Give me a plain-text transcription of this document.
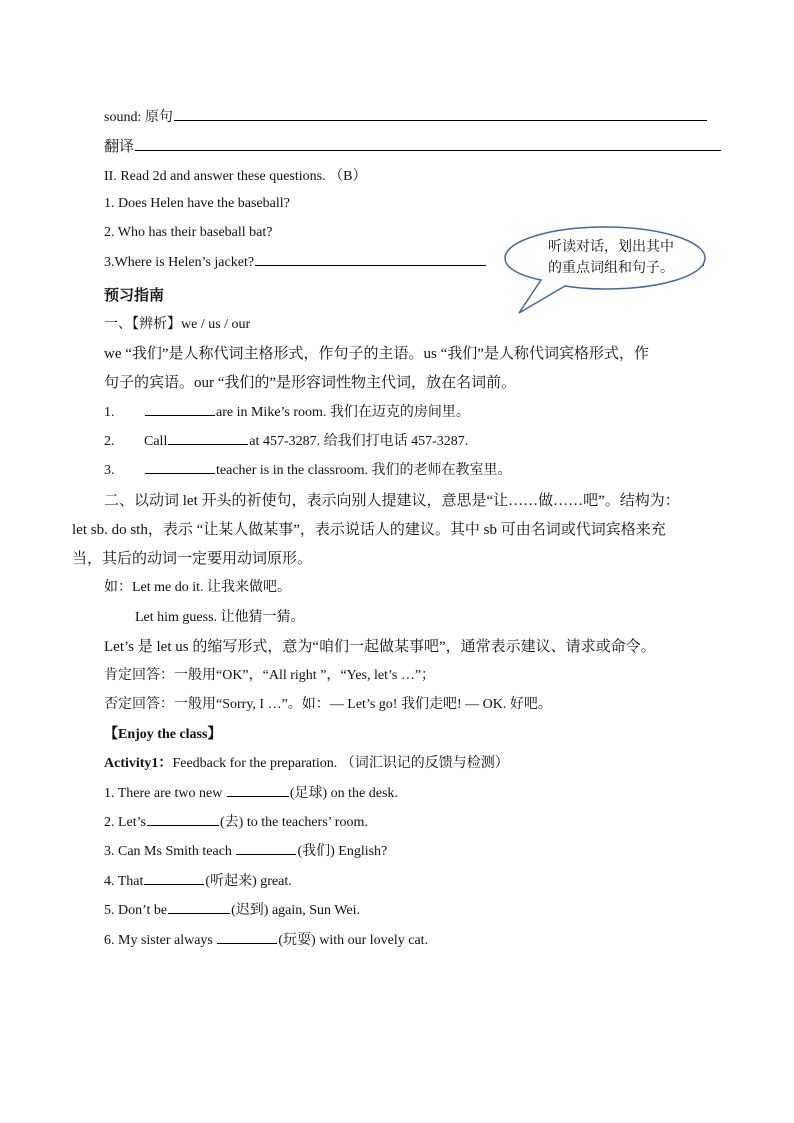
sound: 原句
翻译
II. Read 2d and answer these questions. （B）
1. Does Helen have the baseball?
2. Who has their baseball bat?
3.Where is Helen’s jacket?
听读对话，划出其中
的重点词组和句子。
预习指南
一、【辨析】we / us / our
we “我们”是人称代词主格形式，作句子的主语。us “我们”是人称代词宾格形式，作
句子的宾语。our “我们的”是形容词性物主代词，放在名词前。
1.	are in Mike’s room. 我们在迈克的房间里。
2. Call	at 457-3287. 给我们打电话 457-3287.
3.	teacher is in the classroom. 我们的老师在教室里。
二、以动词 let 开头的祈使句，表示向别人提建议，意思是“让……做……吧”。结构为：
let sb. do sth，表示 “让某人做某事”，表示说话人的建议。其中 sb 可由名词或代词宾格来充
当，其后的动词一定要用动词原形。
如：Let me do it. 让我来做吧。
Let him guess. 让他猜一猜。
Let’s 是 let us 的缩写形式，意为“咱们一起做某事吧”，通常表示建议、请求或命令。
肯定回答：一般用“OK”，“All right ”，“Yes, let’s …”；
否定回答：一般用“Sorry, I …”。如：— Let’s go! 我们走吧! — OK. 好吧。
【Enjoy the class】
Activity1：Feedback for the preparation. （词汇识记的反馈与检测）
1. There are two new	(足球) on the desk.
2. Let’s	(去) to the teachers’ room.
3. Can Ms Smith teach	(我们) English?
4. That	(听起来) great.
5. Don’t be	(迟到) again, Sun Wei.
6. My sister always	(玩耍) with our lovely cat.
